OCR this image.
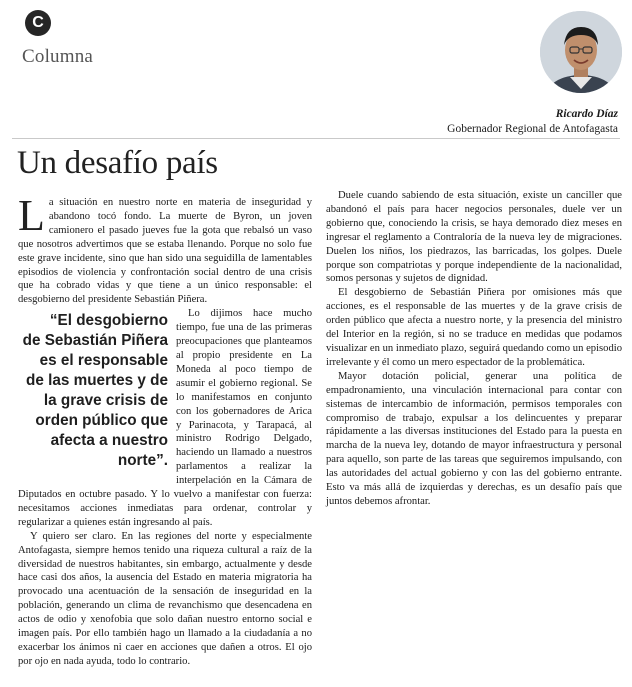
C
Columna
Ricardo Díaz
Gobernador Regional de Antofagasta
Un desafío país

La situación en nuestro norte en materia de inseguridad y abandono tocó fondo. La muerte de Byron, un joven camionero el pasado jueves fue la gota que rebalsó un vaso que nosotros advertimos que se estaba llenando. Porque no solo fue este grave incidente, sino que han sido una seguidilla de lamentables episodios de violencia y confrontación social dentro de una crisis que ha cobrado vidas y que tiene a un único responsable: el desgobierno del presidente Sebastián Piñera.

“El desgobierno de Sebastián Piñera es el responsable de las muertes y de la grave crisis de orden público que afecta a nuestro norte”.
Lo dijimos hace mucho tiempo, fue una de las primeras preocupaciones que planteamos al propio presidente en La Moneda al poco tiempo de asumir el gobierno regional. Se lo manifestamos en conjunto con los gobernadores de Arica y Parinacota, y Tarapacá, al ministro Rodrigo Delgado, haciendo un llamado a nuestros parlamentos a realizar la interpelación en la Cámara de Diputados en octubre pasado. Y lo vuelvo a manifestar con fuerza: necesitamos acciones inmediatas para ordenar, controlar y regularizar a quienes están ingresando al país.

Y quiero ser claro. En las regiones del norte y especialmente Antofagasta, siempre hemos tenido una riqueza cultural a raíz de la diversidad de nuestros habitantes, sin embargo, actualmente y desde hace casi dos años, la ausencia del Estado en materia migratoria ha provocado una acentuación de la sensación de inseguridad en la población, generando un clima de revanchismo que desencadena en actos de odio y xenofobia que solo dañan nuestro entorno social e imagen país. Por ello también hago un llamado a la ciudadanía a no exacerbar los ánimos ni caer en acciones que dañen a otros. El ojo por ojo en nada ayuda, todo lo contrario.

Duele cuando sabiendo de esta situación, existe un canciller que abandonó el país para hacer negocios personales, duele ver un gobierno que, conociendo la crisis, se haya demorado diez meses en ingresar el reglamento a Contraloría de la nueva ley de migraciones. Duelen los niños, los piedrazos, las barricadas, los golpes. Duele porque son compatriotas y porque independiente de la nacionalidad, somos personas y sujetos de dignidad.

El desgobierno de Sebastián Piñera por omisiones más que acciones, es el responsable de las muertes y de la grave crisis de orden público que afecta a nuestro norte, y la presencia del ministro del Interior en la región, si no se traduce en medidas que podamos visualizar en un inmediato plazo, seguirá quedando como un episodio irrelevante y él como un mero espectador de la problemática.

Mayor dotación policial, generar una política de empadronamiento, una vinculación internacional para contar con sistemas de intercambio de información, permisos temporales con compromiso de trabajo, expulsar a los delincuentes y preparar rápidamente a las diversas instituciones del Estado para la puesta en marcha de la nueva ley, dotando de mayor infraestructura y personal para aquello, son parte de las tareas que seguiremos impulsando, con las autoridades del actual gobierno y con las del gobierno entrante. Esto va más allá de izquierdas y derechas, es un desafío país que juntos debemos afrontar.
